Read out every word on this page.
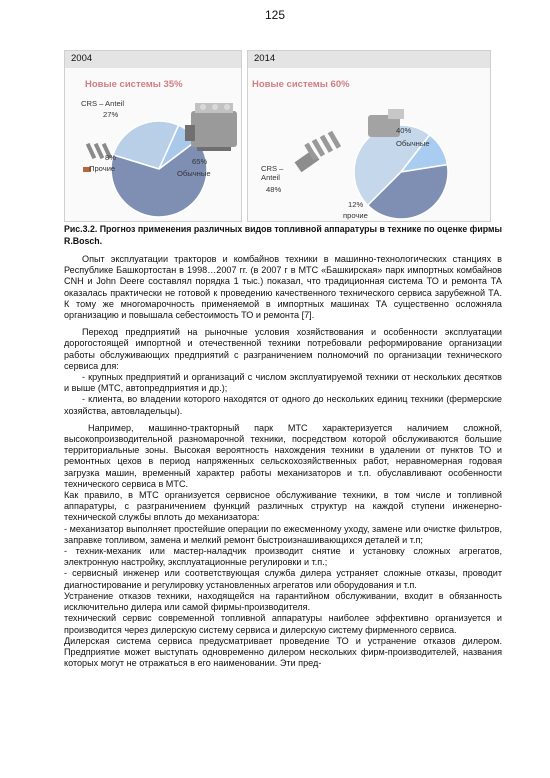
125
2004
Новые системы 35%
CRS – Anteil
27%
8%
Прочие
65%
Обычные
2014
Новые системы 60%
CRS –
Anteil
48%
40%
Обычные
12%
прочие
Рис.3.2. Прогноз применения различных видов топливной аппаратуры в технике по оценке фирмы R.Bosch.

Опыт эксплуатации тракторов и комбайнов техники в машинно-технологических станциях в Республике Башкортостан в 1998…2007 гг. (в 2007 г в МТС «Башкирская» парк импортных комбайнов CNH и John Deere составлял порядка 1 тыс.) показал, что традиционная система ТО и ремонта ТА оказалась практически не готовой к проведению качественного технического сервиса зарубежной ТА. К тому же многомарочность применяемой в импортных машинах ТА существенно осложняла организацию и повышала себестоимость ТО и ремонта [7].

Переход предприятий на рыночные условия хозяйствования и особенности эксплуатации дорогостоящей импортной и отечественной техники потребовали реформирование организации работы обслуживающих предприятий с разграничением полномочий по организации технического сервиса для:

- крупных предприятий и организаций с числом эксплуатируемой техники от нескольких десятков и выше (МТС, автопредприятия и др.);

- клиента, во владении которого находятся от одного до нескольких единиц техники (фермерские хозяйства, автовладельцы).

Например, машинно-тракторный парк МТС характеризуется наличием сложной, высокопроизводительной разномарочной техники, посредством которой обслуживаются большие территориальные зоны. Высокая вероятность нахождения техники в удалении от пунктов ТО и ремонтных цехов в период напряженных сельскохозяйственных работ, неравномерная годовая загрузка машин, временный характер работы механизаторов и т.п. обуславливают особенности технического сервиса в МТС.

Как правило, в МТС организуется сервисное обслуживание техники, в том числе и топливной аппаратуры, с разграничением функций различных структур на каждой ступени инженерно-технической службы вплоть до механизатора:

- механизатор выполняет простейшие операции по ежесменному уходу, замене или очистке фильтров, заправке топливом, замена и мелкий ремонт быстроизнашивающихся деталей и т.п;

- техник-механик или мастер-наладчик производит снятие и установку сложных агрегатов, электронную настройку, эксплуатационные регулировки и т.п.;

- сервисный инженер или соответствующая служба дилера устраняет сложные отказы, проводит диагностирование и регулировку установленных агрегатов или оборудования и т.п.

Устранение отказов техники, находящейся на гарантийном обслуживании, входит в обязанность исключительно дилера или самой фирмы-производителя.

технический сервис современной топливной аппаратуры наиболее эффективно организуется и производится через дилерскую систему сервиса и дилерскую систему фирменного сервиса.

Дилерская система сервиса предусматривает проведение ТО и устранение отказов дилером. Предприятие может выступать одновременно дилером нескольких фирм-производителей, названия которых могут не отражаться в его наименовании. Эти пред-
